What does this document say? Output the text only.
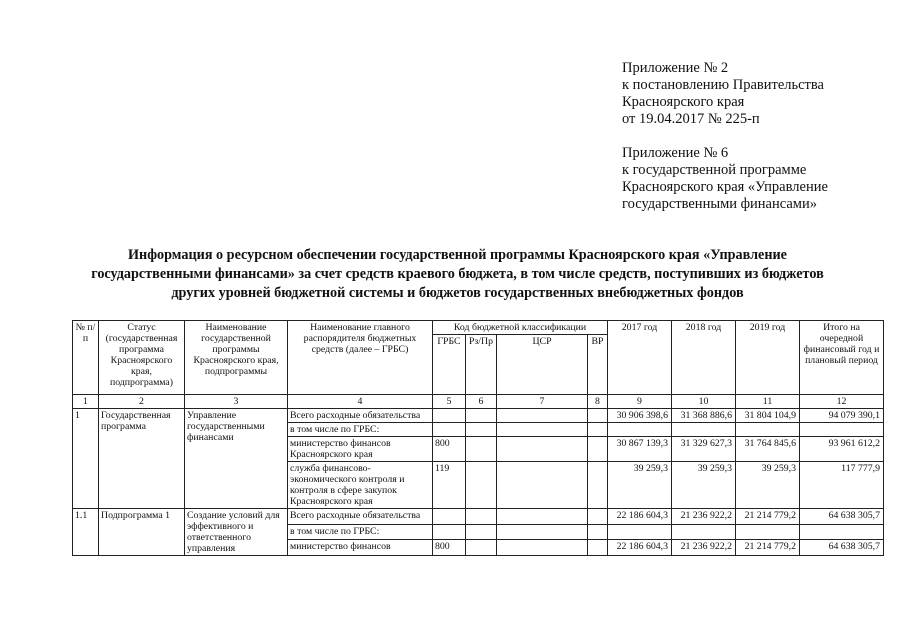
Приложение № 2
к постановлению Правительства
Красноярского края
от 19.04.2017 № 225-п
Приложение № 6
к государственной программе
Красноярского края «Управление
государственными финансами»
Информация о ресурсном обеспечении государственной программы Красноярского края «Управление
государственными финансами» за счет средств краевого бюджета, в том числе средств, поступивших из бюджетов
других уровней бюджетной системы и бюджетов государственных внебюджетных фондов
№ п/п	Статус (государственная программа Красноярского края, подпрограмма)	Наименование государственной программы Красноярского края, подпрограммы	Наименование главного распорядителя бюджетных средств (далее – ГРБС)	Код бюджетной классификации				2017 год	2018 год	2019 год	Итого на очередной финансовый год и плановый период
				ГРБС	Рз/Пр	ЦСР	ВР				
1	2	3	4	5	6	7	8	9	10	11	12
1	Государственная программа	Управление государственными финансами	Всего расходные обязательства					30 906 398,6	31 368 886,6	31 804 104,9	94 079 390,1
			в том числе по ГРБС:								
			министерство финансов Красноярского края	800				30 867 139,3	31 329 627,3	31 764 845,6	93 961 612,2
			служба финансово-экономического контроля и контроля в сфере закупок Красноярского края	119				39 259,3	39 259,3	39 259,3	117 777,9
1.1	Подпрограмма 1	Создание условий для эффективного и ответственного управления	Всего расходные обязательства					22 186 604,3	21 236 922,2	21 214 779,2	64 638 305,7
			в том числе по ГРБС:								
			министерство финансов	800				22 186 604,3	21 236 922,2	21 214 779,2	64 638 305,7
